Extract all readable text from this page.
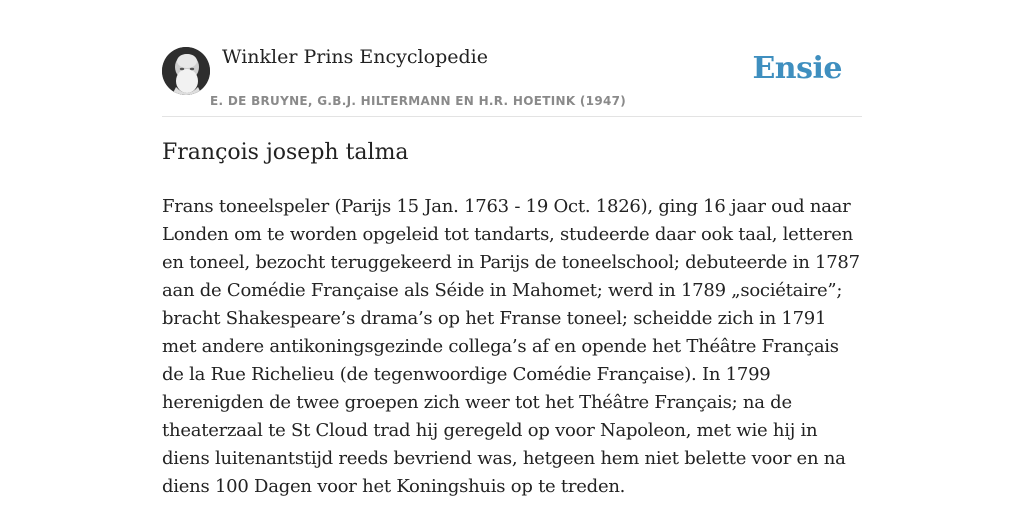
Winkler Prins Encyclopedie
E. DE BRUYNE, G.B.J. HILTERMANN EN H.R. HOETINK (1947)
Ensie
François joseph talma

Frans toneelspeler (Parijs 15 Jan. 1763 - 19 Oct. 1826), ging 16 jaar oud naar Londen om te worden opgeleid tot tandarts, studeerde daar ook taal, letteren en toneel, bezocht teruggekeerd in Parijs de toneelschool; debuteerde in 1787 aan de Comédie Française als Séide in Mahomet; werd in 1789 „sociétaire”; bracht Shakespeare’s drama’s op het Franse toneel; scheidde zich in 1791 met andere antikoningsgezinde collega’s af en opende het Théâtre Français de la Rue Richelieu (de tegenwoordige Comédie Française). In 1799 herenigden de twee groepen zich weer tot het Théâtre Français; na de theaterzaal te St Cloud trad hij geregeld op voor Napoleon, met wie hij in diens luitenantstijd reeds bevriend was, hetgeen hem niet belette voor en na diens 100 Dagen voor het Koningshuis op te treden.
